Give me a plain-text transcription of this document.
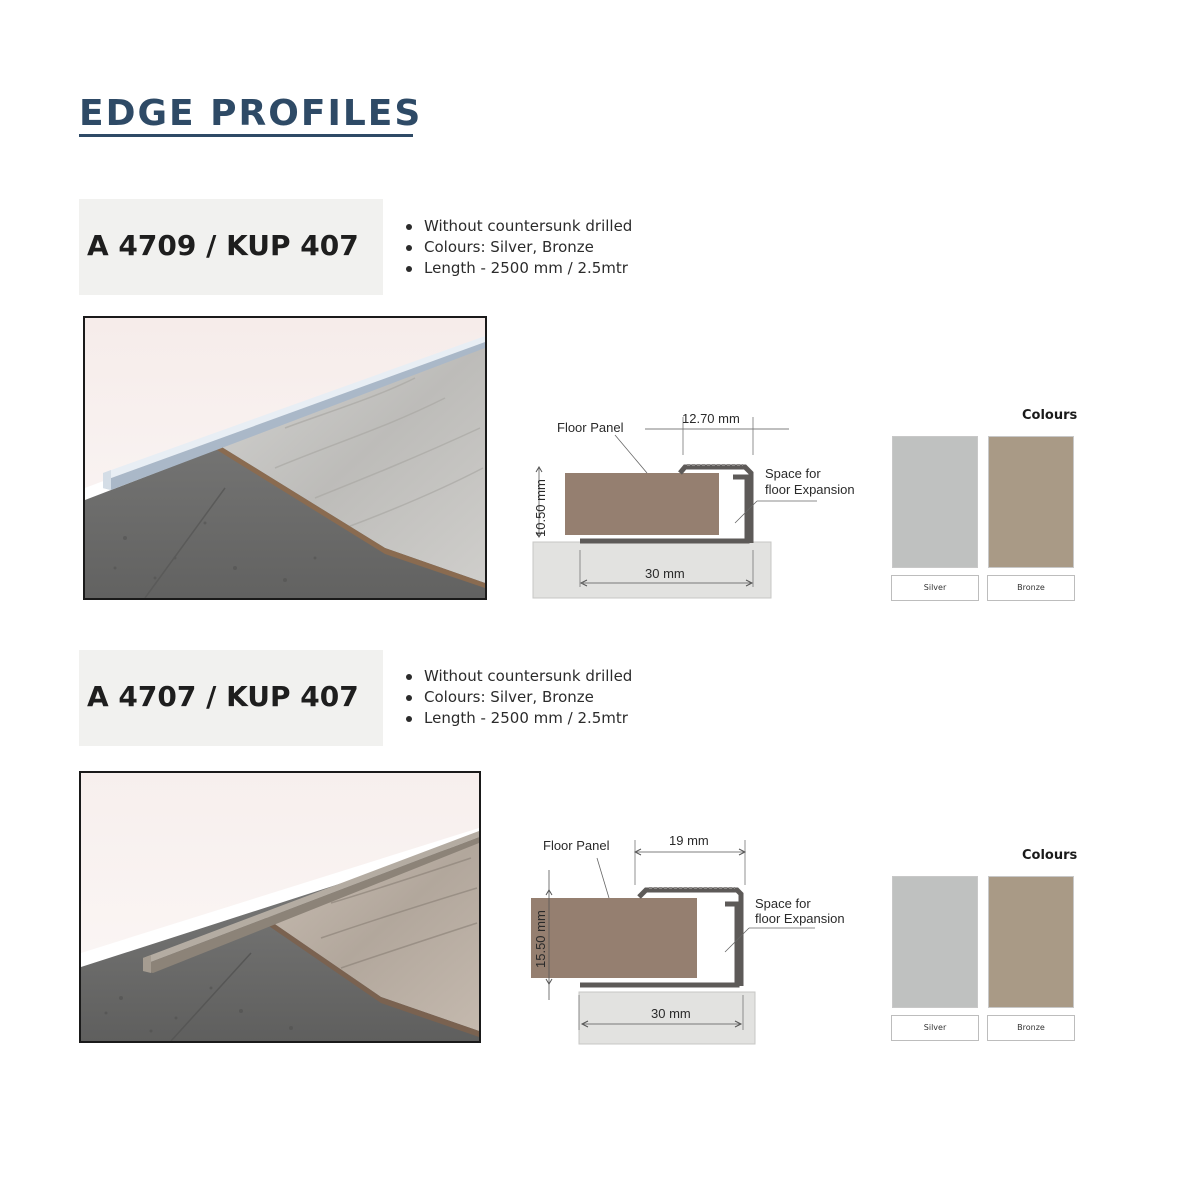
EDGE PROFILES
A 4709 / KUP 407
Without countersunk drilled
Colours: Silver, Bronze
Length - 2500 mm / 2.5mtr
Floor Panel
12.70 mm
Space for
floor Expansion
30 mm
10.50 mm
Colours
Silver	Bronze
A 4707 / KUP 407
Without countersunk drilled
Colours: Silver, Bronze
Length - 2500 mm / 2.5mtr
Floor Panel	19 mm
Space for
floor Expansion
30 mm
15.50 mm
Colours
Silver	Bronze
